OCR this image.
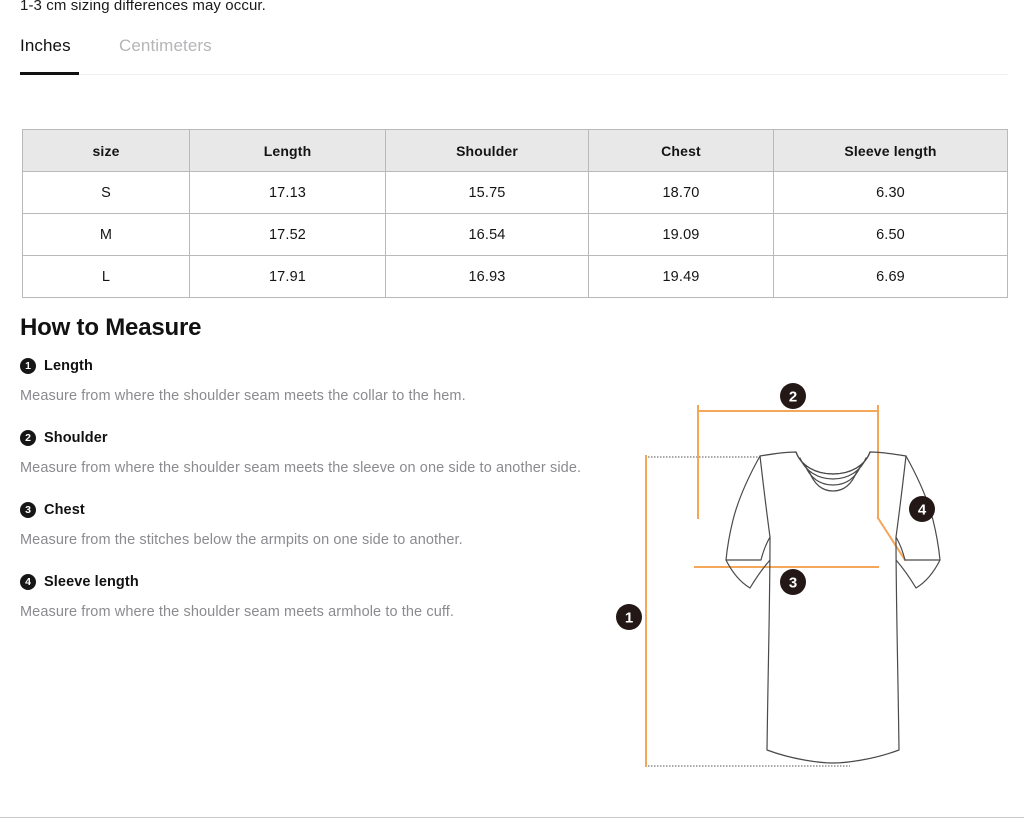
1-3 cm sizing differences may occur.
Inches	Centimeters
size	Length	Shoulder	Chest	Sleeve length
S	17.13	15.75	18.70	6.30
M	17.52	16.54	19.09	6.50
L	17.91	16.93	19.49	6.69
How to Measure
1 Length

Measure from where the shoulder seam meets the collar to the hem.

2 Shoulder

Measure from where the shoulder seam meets the sleeve on one side to another side.

3 Chest

Measure from the stitches below the armpits on one side to another.

4 Sleeve length

Measure from where the shoulder seam meets armhole to the cuff.

2
4
3
1
